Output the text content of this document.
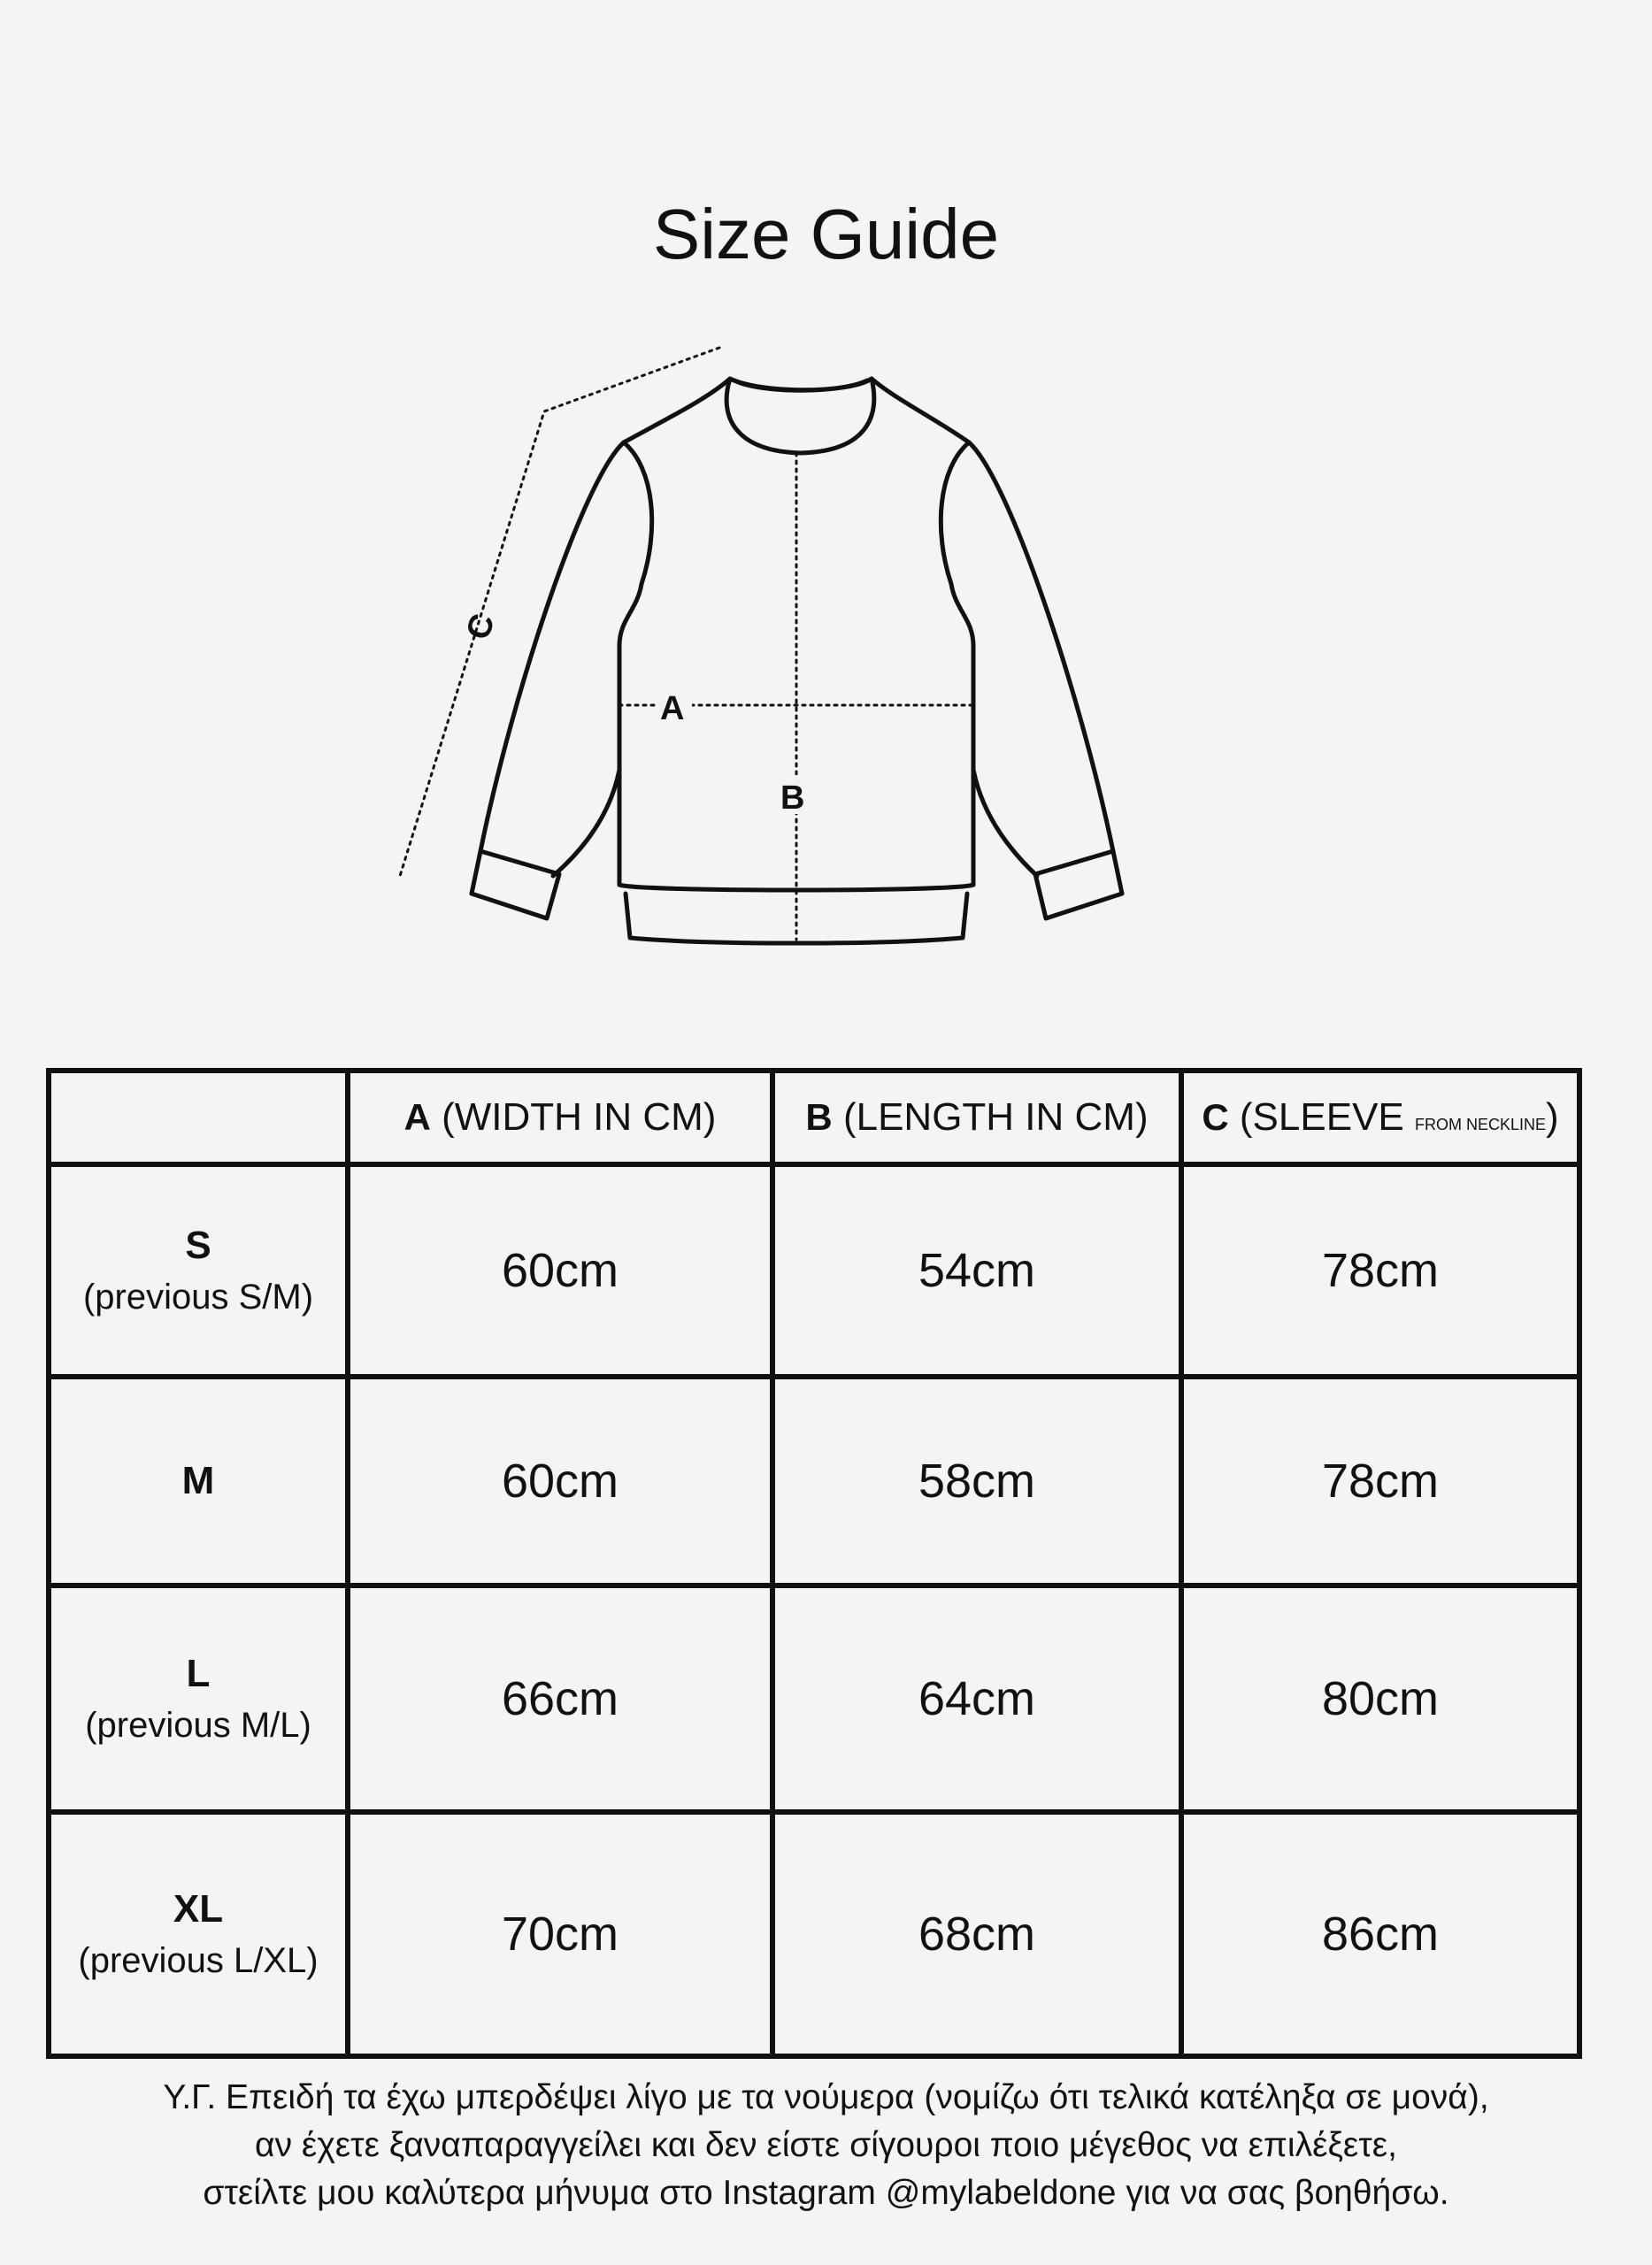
Size Guide
A
B
C
	A (WIDTH IN CM)	B (LENGTH IN CM)	C (SLEEVE FROM NECKLINE)

S
(previous S/M)	60cm	54cm	78cm

M	60cm	58cm	78cm

L
(previous M/L)	66cm	64cm	80cm

XL
(previous L/XL)	70cm	68cm	86cm
Υ.Γ. Επειδή τα έχω μπερδέψει λίγο με τα νούμερα (νομίζω ότι τελικά κατέληξα σε μονά),
αν έχετε ξαναπαραγγείλει και δεν είστε σίγουροι ποιο μέγεθος να επιλέξετε,
στείλτε μου καλύτερα μήνυμα στο Instagram @mylabeldone για να σας βοηθήσω.
